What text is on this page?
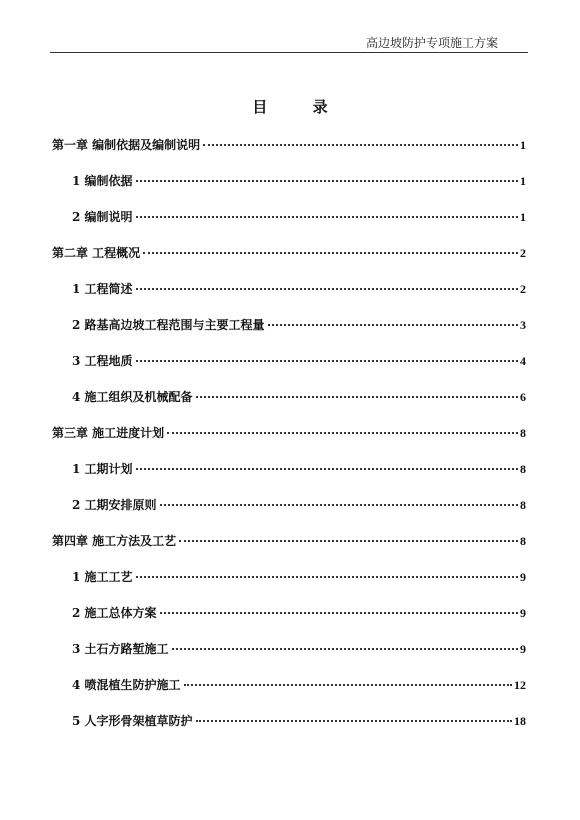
高边坡防护专项施工方案
目 录
第一章 编制依据及编制说明	1
1 编制依据	1
2 编制说明	1
第二章 工程概况	2
1 工程简述	2
2 路基高边坡工程范围与主要工程量	3
3 工程地质	4
4 施工组织及机械配备	6
第三章 施工进度计划	8
1 工期计划	8
2 工期安排原则	8
第四章 施工方法及工艺	8
1 施工工艺	9
2 施工总体方案	9
3 土石方路堑施工	9
4 喷混植生防护施工	12
5 人字形骨架植草防护	18
